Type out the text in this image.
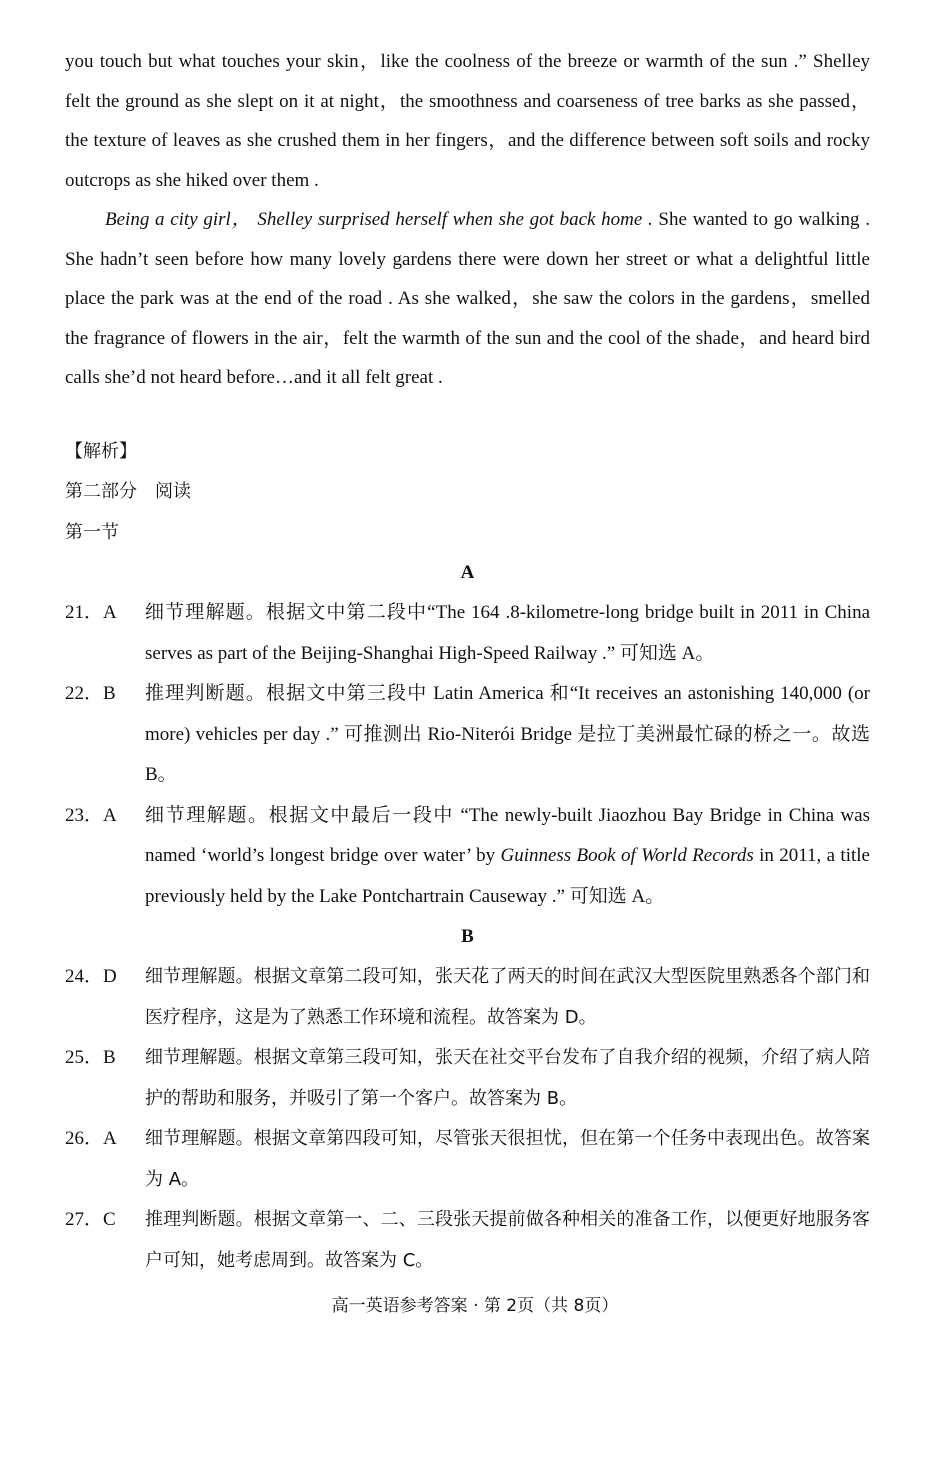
you touch but what touches your skin，like the coolness of the breeze or warmth of the sun .” Shelley felt the ground as she slept on it at night，the smoothness and coarseness of tree barks as she passed，the texture of leaves as she crushed them in her fingers，and the difference between soft soils and rocky outcrops as she hiked over them .

Being a city girl， Shelley surprised herself when she got back home . She wanted to go walking . She hadn’t seen before how many lovely gardens there were down her street or what a delightful little place the park was at the end of the road . As she walked，she saw the colors in the gardens，smelled the fragrance of flowers in the air，felt the warmth of the sun and the cool of the shade，and heard bird calls she’d not heard before…and it all felt great .

【解析】

第二部分　阅读

第一节

A

21．A	细节理解题。根据文中第二段中“The 164 .8-kilometre-long bridge built in 2011 in China serves as part of the Beijing-Shanghai High-Speed Railway .” 可知选 A。
22．B	推理判断题。根据文中第三段中 Latin America 和“It receives an astonishing 140,000 (or more) vehicles per day .” 可推测出 Rio-Niterói Bridge 是拉丁美洲最忙碌的桥之一。故选 B。
23．A	细节理解题。根据文中最后一段中 “The newly-built Jiaozhou Bay Bridge in China was named ‘world’s longest bridge over water’ by Guinness Book of World Records in 2011, a title previously held by the Lake Pontchartrain Causeway .” 可知选 A。

B

24．D	细节理解题。根据文章第二段可知，张天花了两天的时间在武汉大型医院里熟悉各个部门和医疗程序，这是为了熟悉工作环境和流程。故答案为 D。
25．B	细节理解题。根据文章第三段可知，张天在社交平台发布了自我介绍的视频，介绍了病人陪护的帮助和服务，并吸引了第一个客户。故答案为 B。
26．A	细节理解题。根据文章第四段可知，尽管张天很担忧，但在第一个任务中表现出色。故答案为 A。
27．C	推理判断题。根据文章第一、二、三段张天提前做各种相关的准备工作，以便更好地服务客户可知，她考虑周到。故答案为 C。
高一英语参考答案 · 第 2页（共 8页）
